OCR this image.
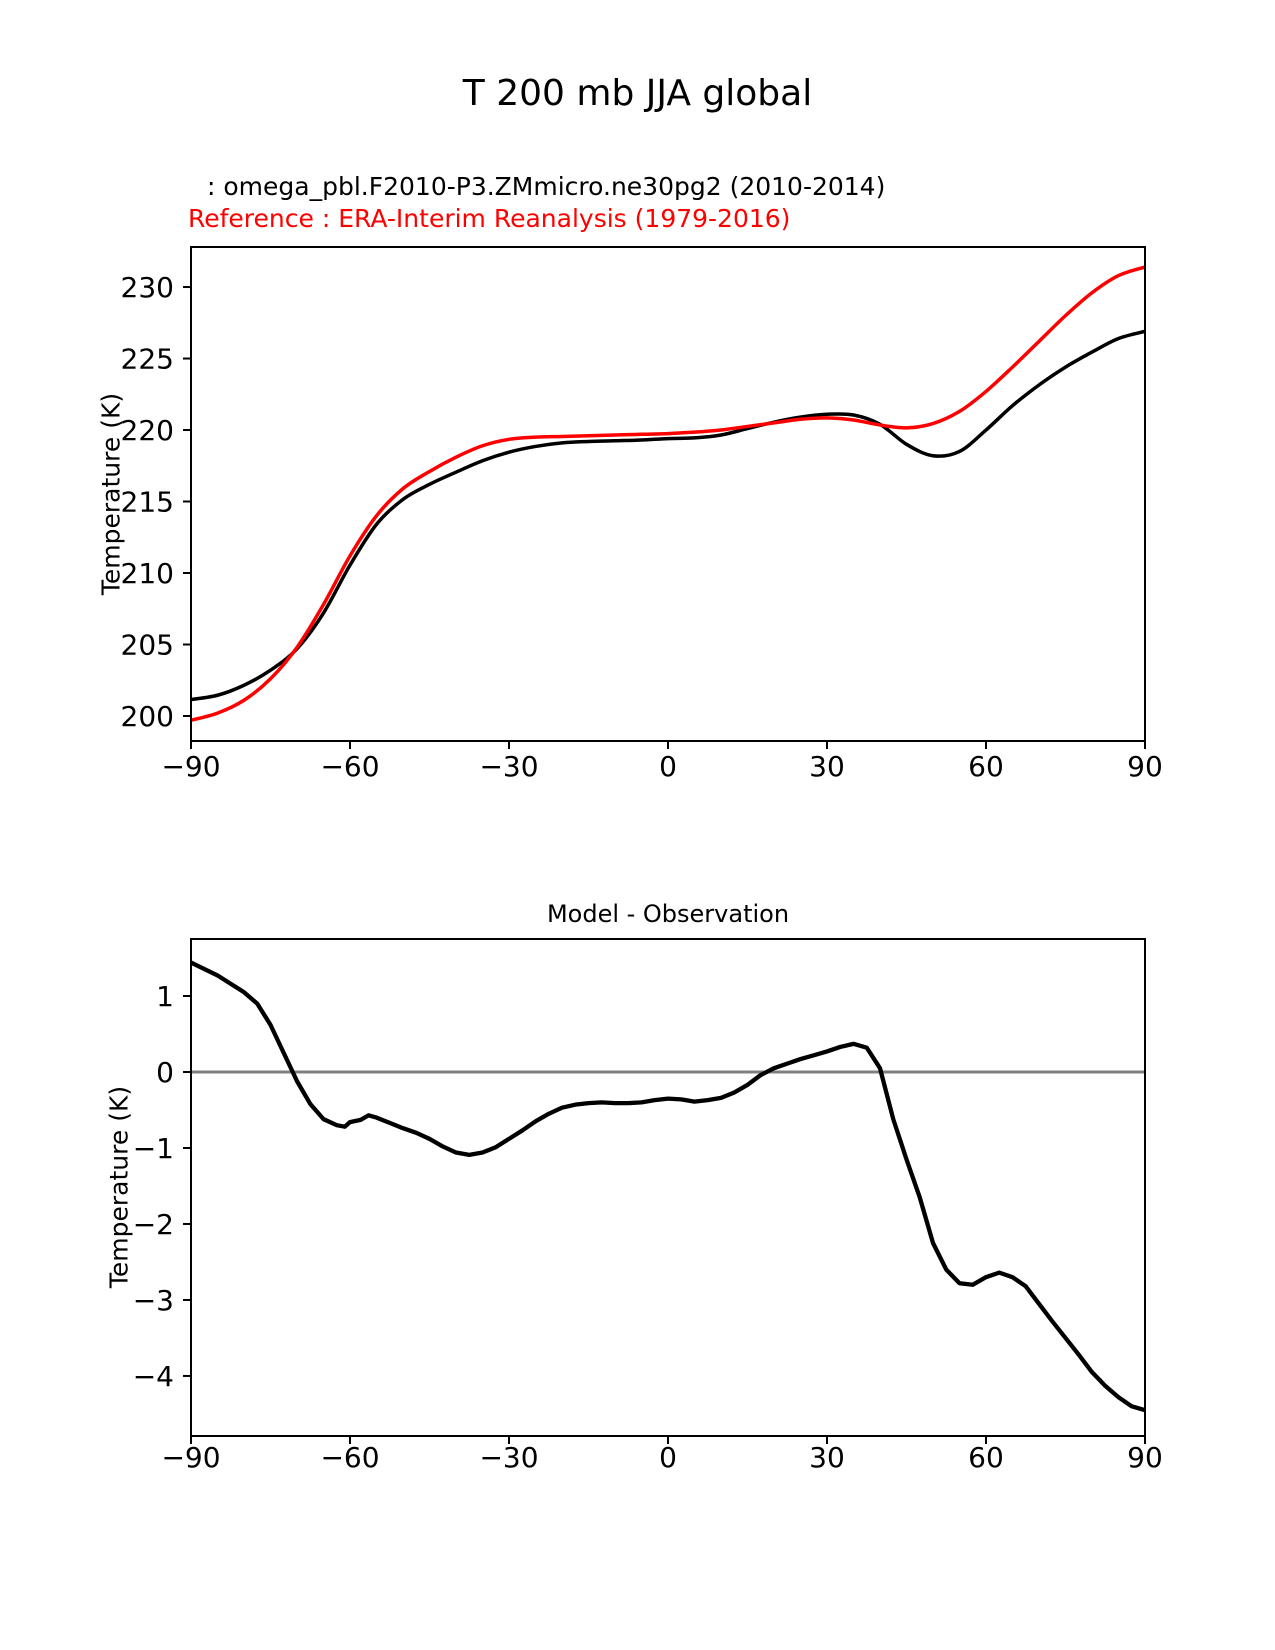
T 200 mb JJA global
: omega_pbl.F2010-P3.ZMmicro.ne30pg2 (2010-2014)
Reference : ERA-Interim Reanalysis (1979-2016)
Temperature (K)
Model - Observation
Temperature (K)
−90	−60	−30	0	30	60	90
200
205
210
215
220
225
230
−90	−60	−30	0	30	60	90
1
0
−1
−2
−3
−4
